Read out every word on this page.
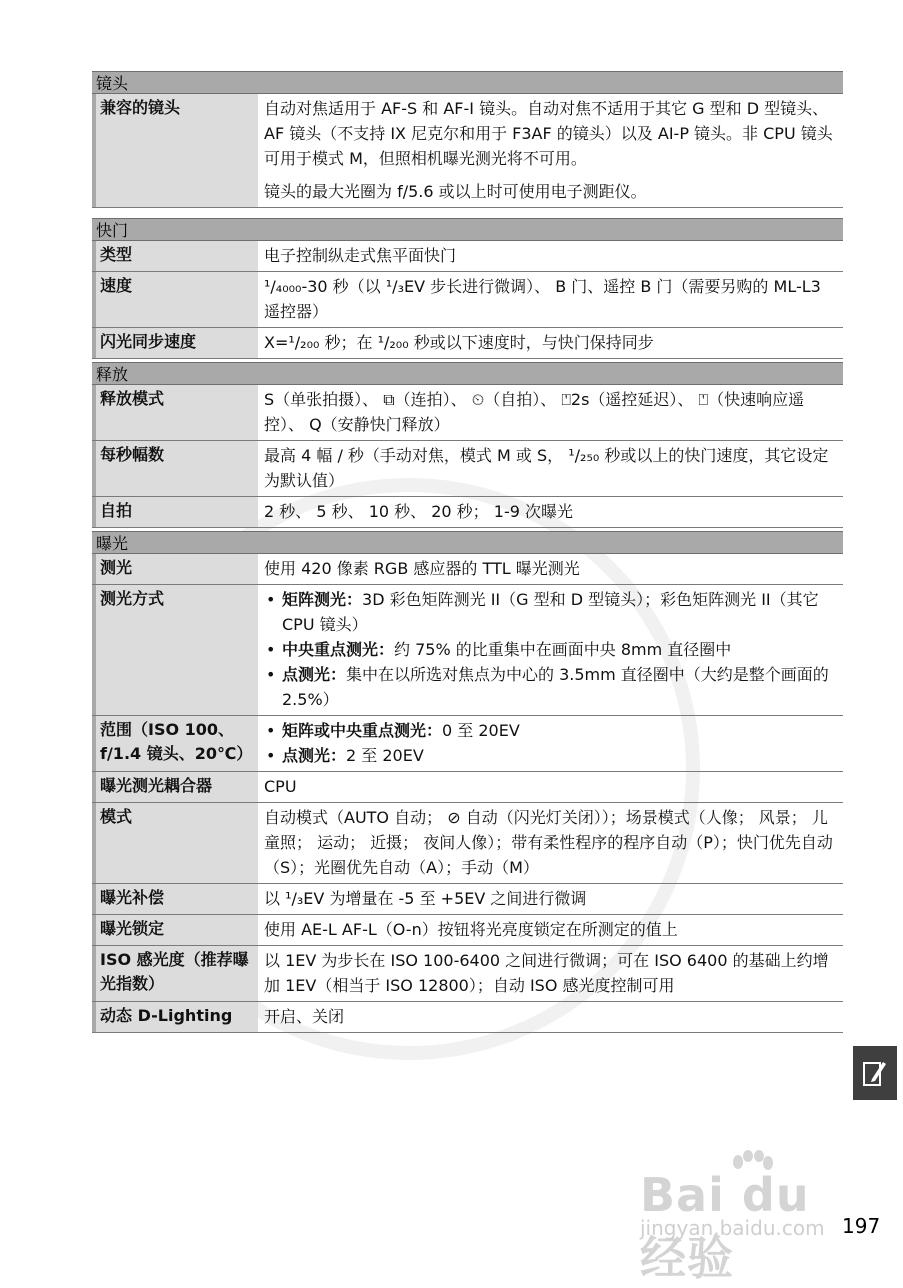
镜头
兼容的镜头	自动对焦适用于 AF-S 和 AF-I 镜头。自动对焦不适用于其它 G 型和 D 型镜头、 AF 镜头（不支持 IX 尼克尔和用于 F3AF 的镜头）以及 AI-P 镜头。非 CPU 镜头可用于模式 M，但照相机曝光测光将不可用。

镜头的最大光圈为 f/5.6 或以上时可使用电子测距仪。

快门
类型	电子控制纵走式焦平面快门

速度	¹/₄₀₀₀-30 秒（以 ¹/₃EV 步长进行微调）、 B 门、遥控 B 门（需要另购的 ML-L3 遥控器）

闪光同步速度	X=¹/₂₀₀ 秒；在 ¹/₂₀₀ 秒或以下速度时，与快门保持同步

释放
释放模式	S（单张拍摄）、 ⧉（连拍）、 ⏲（自拍）、 ⍞2s（遥控延迟）、 ⍞（快速响应遥控）、 Q（安静快门释放）

每秒幅数	最高 4 幅 / 秒（手动对焦，模式 M 或 S， ¹/₂₅₀ 秒或以上的快门速度，其它设定为默认值）

自拍	2 秒、 5 秒、 10 秒、 20 秒； 1-9 次曝光

曝光
测光	使用 420 像素 RGB 感应器的 TTL 曝光测光

测光方式
•	矩阵测光：3D 彩色矩阵测光 II（G 型和 D 型镜头）；彩色矩阵测光 II（其它 CPU 镜头）
• 中央重点测光：约 75% 的比重集中在画面中央 8mm 直径圈中
• 点测光：集中在以所选对焦点为中心的 3.5mm 直径圈中（大约是整个画面的 2.5%）
范围（ISO 100、f/1.4 镜头、20℃）
• 矩阵或中央重点测光：0 至 20EV
• 点测光：2 至 20EV
曝光测光耦合器	CPU

模式	自动模式（AUTO 自动； ⊘ 自动（闪光灯关闭））；场景模式（人像； 风景； 儿童照； 运动； 近摄； 夜间人像）；带有柔性程序的程序自动（P）；快门优先自动（S）；光圈优先自动（A）；手动（M）

曝光补偿	以 ¹/₃EV 为增量在 -5 至 +5EV 之间进行微调

曝光锁定	使用 AE-L AF-L（O-n）按钮将光亮度锁定在所测定的值上

ISO 感光度（推荐曝光指数）

以 1EV 为步长在 ISO 100-6400 之间进行微调；可在 ISO 6400 的基础上约增加 1EV（相当于 ISO 12800）；自动 ISO 感光度控制可用

动态 D-Lighting	开启、关闭

Bai du 经验
jingyan.baidu.com 197
